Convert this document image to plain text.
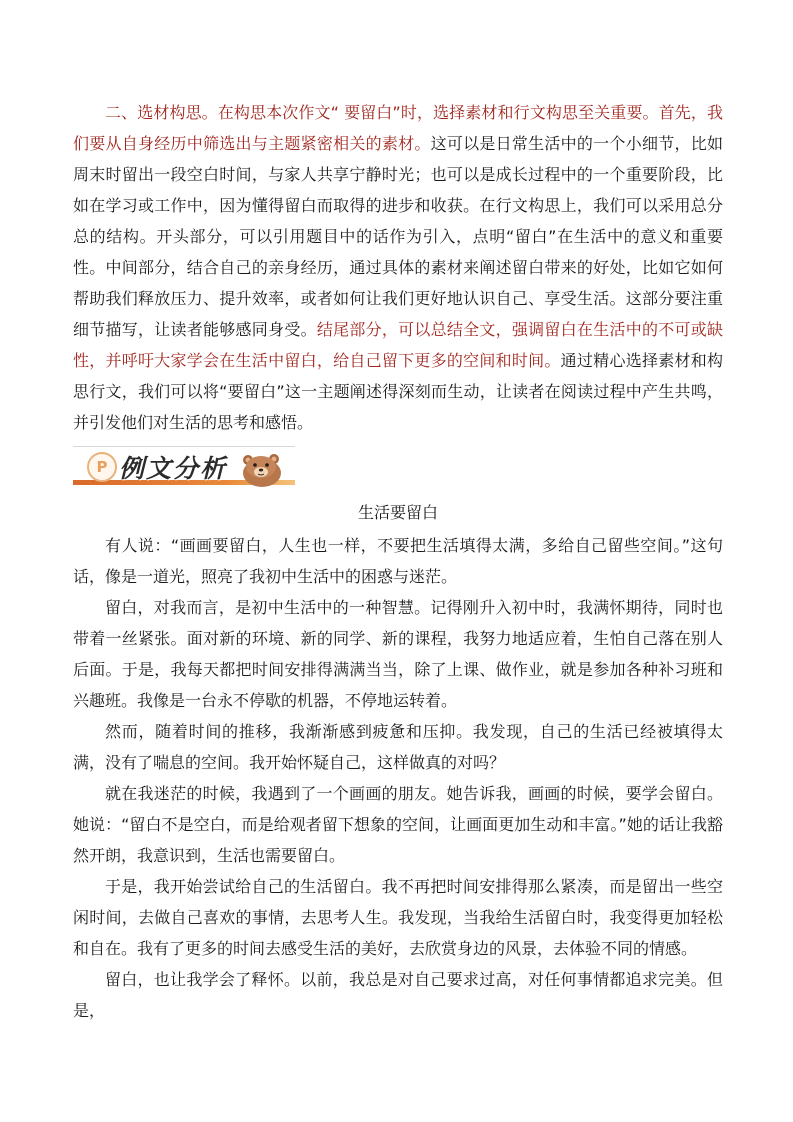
二、选材构思。在构思本次作文“ 要留白”时，选择素材和行文构思至关重要。首先，我们要从自身经历中筛选出与主题紧密相关的素材。这可以是日常生活中的一个小细节，比如周末时留出一段空白时间，与家人共享宁静时光；也可以是成长过程中的一个重要阶段，比如在学习或工作中，因为懂得留白而取得的进步和收获。在行文构思上，我们可以采用总分总的结构。开头部分，可以引用题目中的话作为引入，点明“留白”在生活中的意义和重要性。中间部分，结合自己的亲身经历，通过具体的素材来阐述留白带来的好处，比如它如何帮助我们释放压力、提升效率，或者如何让我们更好地认识自己、享受生活。这部分要注重细节描写，让读者能够感同身受。结尾部分，可以总结全文，强调留白在生活中的不可或缺性，并呼吁大家学会在生活中留白，给自己留下更多的空间和时间。通过精心选择素材和构思行文，我们可以将“要留白”这一主题阐述得深刻而生动，让读者在阅读过程中产生共鸣，并引发他们对生活的思考和感悟。

P 例文分析
生活要留白

有人说：“画画要留白，人生也一样，不要把生活填得太满，多给自己留些空间。”这句话，像是一道光，照亮了我初中生活中的困惑与迷茫。

留白，对我而言，是初中生活中的一种智慧。记得刚升入初中时，我满怀期待，同时也带着一丝紧张。面对新的环境、新的同学、新的课程，我努力地适应着，生怕自己落在别人后面。于是，我每天都把时间安排得满满当当，除了上课、做作业，就是参加各种补习班和兴趣班。我像是一台永不停歇的机器，不停地运转着。

然而，随着时间的推移，我渐渐感到疲惫和压抑。我发现，自己的生活已经被填得太满，没有了喘息的空间。我开始怀疑自己，这样做真的对吗？

就在我迷茫的时候，我遇到了一个画画的朋友。她告诉我，画画的时候，要学会留白。她说：“留白不是空白，而是给观者留下想象的空间，让画面更加生动和丰富。”她的话让我豁然开朗，我意识到，生活也需要留白。

于是，我开始尝试给自己的生活留白。我不再把时间安排得那么紧凑，而是留出一些空闲时间，去做自己喜欢的事情，去思考人生。我发现，当我给生活留白时，我变得更加轻松和自在。我有了更多的时间去感受生活的美好，去欣赏身边的风景，去体验不同的情感。

留白，也让我学会了释怀。以前，我总是对自己要求过高，对任何事情都追求完美。但是，
